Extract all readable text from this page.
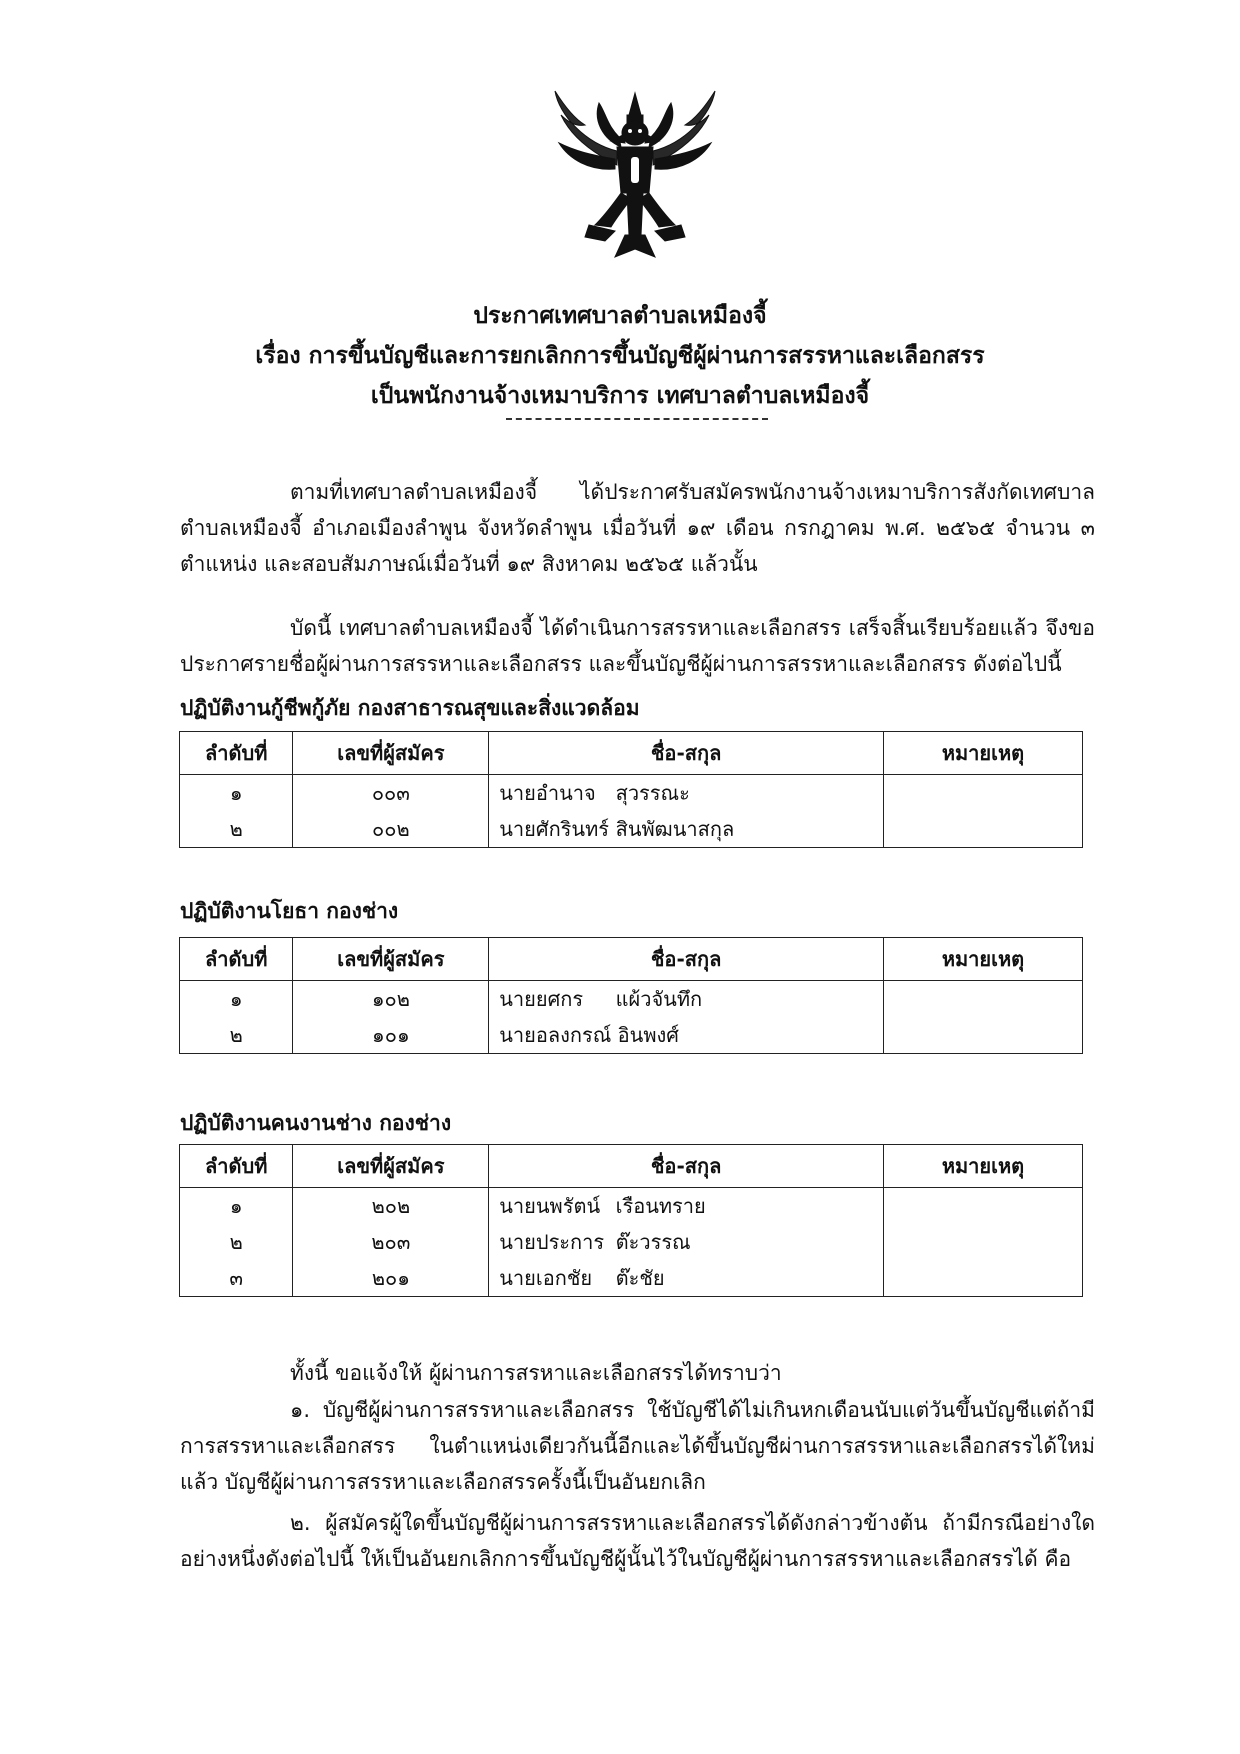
ประกาศเทศบาลตำบลเหมืองจี้
เรื่อง การขึ้นบัญชีและการยกเลิกการขึ้นบัญชีผู้ผ่านการสรรหาและเลือกสรร
เป็นพนักงานจ้างเหมาบริการ เทศบาลตำบลเหมืองจี้
ตามที่เทศบาลตำบลเหมืองจี้ ได้ประกาศรับสมัครพนักงานจ้างเหมาบริการสังกัดเทศบาลตำบลเหมืองจี้ อำเภอเมืองลำพูน จังหวัดลำพูน เมื่อวันที่ ๑๙ เดือน กรกฎาคม พ.ศ. ๒๕๖๕ จำนวน ๓ ตำแหน่ง และสอบสัมภาษณ์เมื่อวันที่ ๑๙ สิงหาคม ๒๕๖๕ แล้วนั้น
บัดนี้ เทศบาลตำบลเหมืองจี้ ได้ดำเนินการสรรหาและเลือกสรร เสร็จสิ้นเรียบร้อยแล้ว จึงขอประกาศรายชื่อผู้ผ่านการสรรหาและเลือกสรร และขึ้นบัญชีผู้ผ่านการสรรหาและเลือกสรร ดังต่อไปนี้
ปฏิบัติงานกู้ชีพกู้ภัย กองสาธารณสุขและสิ่งแวดล้อม
ลำดับที่	เลขที่ผู้สมัคร	ชื่อ-สกุล	หมายเหตุ
๑	๐๐๓	นายอำนาจ สุวรรณะ	
๒	๐๐๒	นายศักรินทร์ สินพัฒนาสกุล	
ปฏิบัติงานโยธา กองช่าง
ลำดับที่	เลขที่ผู้สมัคร	ชื่อ-สกุล	หมายเหตุ
๑	๑๐๒	นายยศกร แผ้วจันทึก	
๒	๑๐๑	นายอลงกรณ์ อินพงศ์	
ปฏิบัติงานคนงานช่าง กองช่าง
ลำดับที่	เลขที่ผู้สมัคร	ชื่อ-สกุล	หมายเหตุ
๑	๒๐๒	นายนพรัตน์ เรือนทราย	
๒	๒๐๓	นายประการ ต๊ะวรรณ	
๓	๒๐๑	นายเอกชัย ต๊ะชัย	
ทั้งนี้ ขอแจ้งให้ ผู้ผ่านการสรหาและเลือกสรรได้ทราบว่า
๑. บัญชีผู้ผ่านการสรรหาและเลือกสรร ใช้บัญชีได้ไม่เกินหกเดือนนับแต่วันขึ้นบัญชีแต่ถ้ามีการสรรหาและเลือกสรร ในตำแหน่งเดียวกันนี้อีกและได้ขึ้นบัญชีผ่านการสรรหาและเลือกสรรได้ใหม่แล้ว บัญชีผู้ผ่านการสรรหาและเลือกสรรครั้งนี้เป็นอันยกเลิก
๒. ผู้สมัครผู้ใดขึ้นบัญชีผู้ผ่านการสรรหาและเลือกสรรได้ดังกล่าวข้างต้น ถ้ามีกรณีอย่างใดอย่างหนึ่งดังต่อไปนี้ ให้เป็นอันยกเลิกการขึ้นบัญชีผู้นั้นไว้ในบัญชีผู้ผ่านการสรรหาและเลือกสรรได้ คือ
